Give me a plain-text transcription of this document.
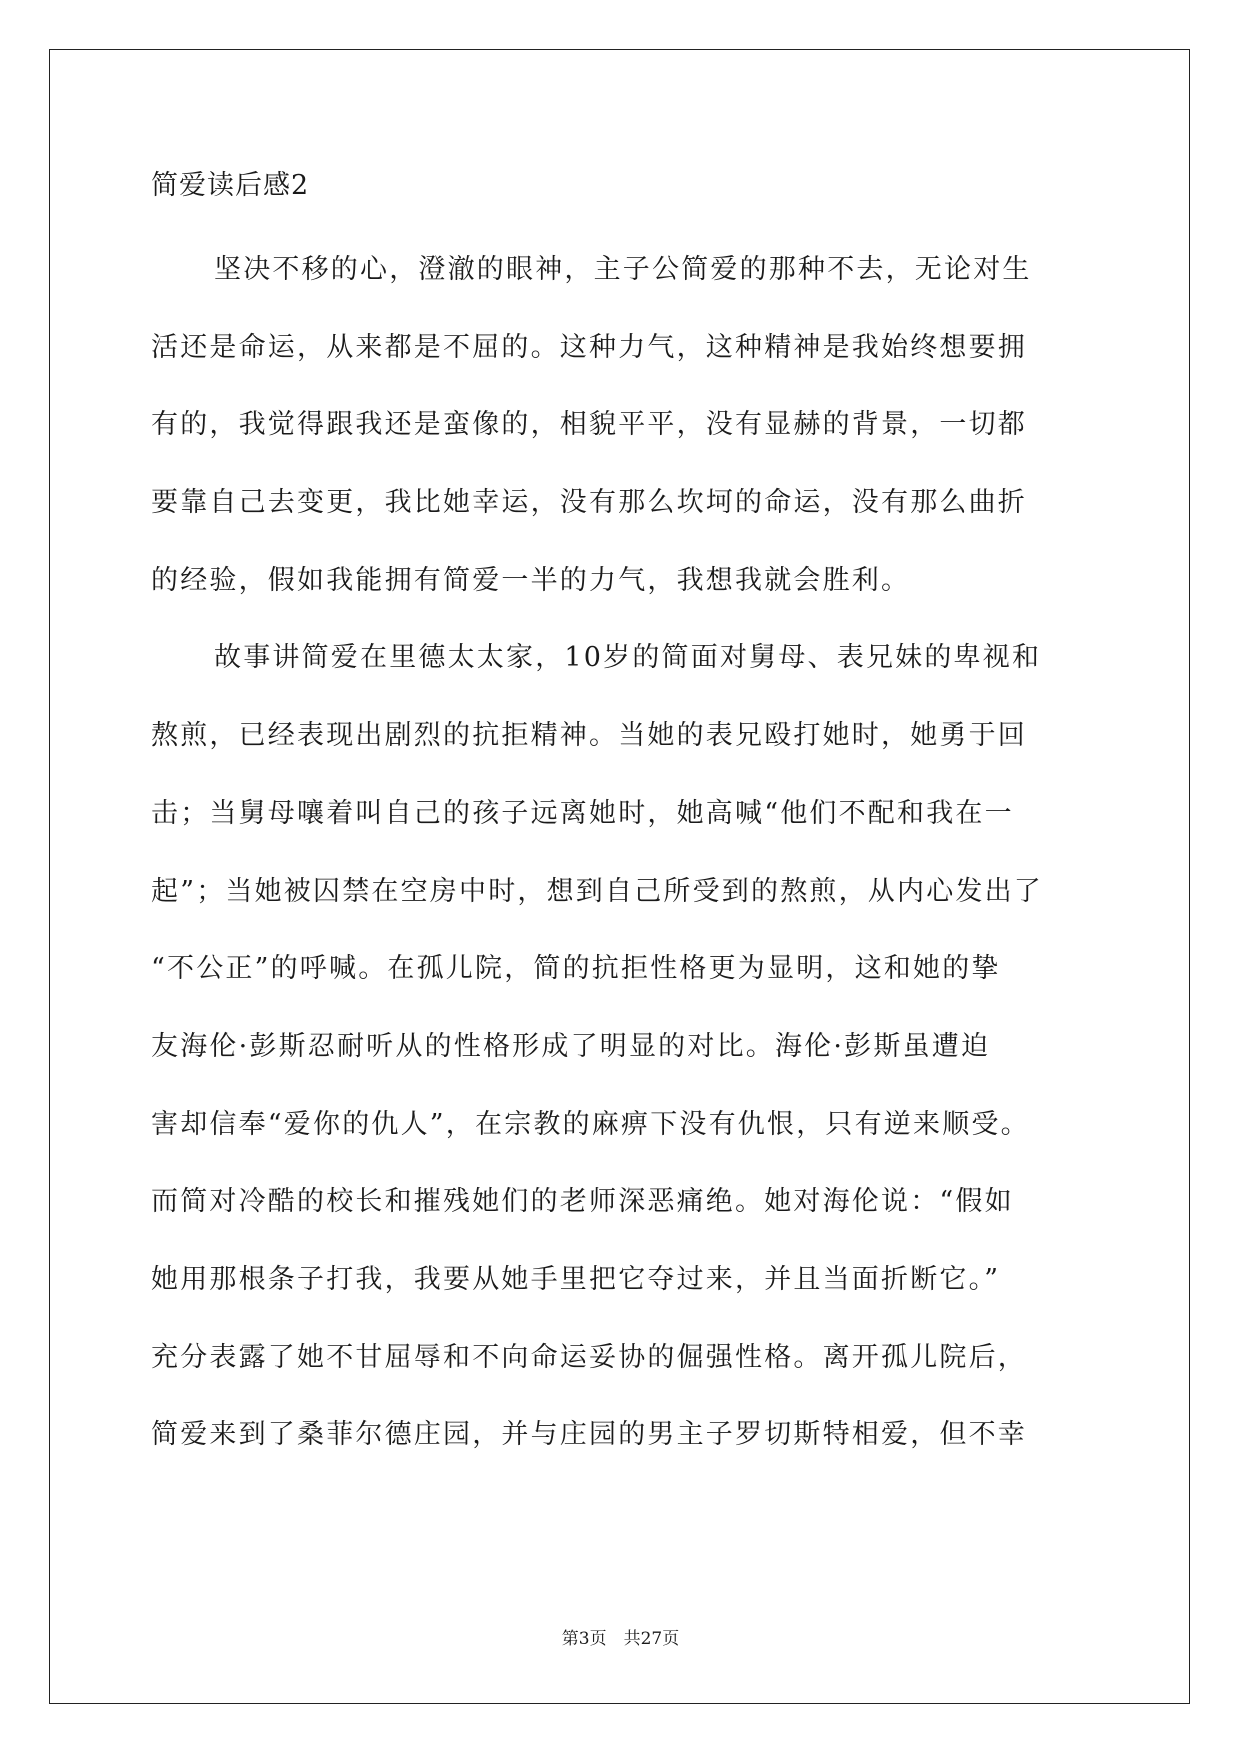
简爱读后感2
坚决不移的心，澄澈的眼神，主子公简爱的那种不去，无论对生
活还是命运，从来都是不屈的。这种力气，这种精神是我始终想要拥
有的，我觉得跟我还是蛮像的，相貌平平，没有显赫的背景，一切都
要靠自己去变更，我比她幸运，没有那么坎坷的命运，没有那么曲折
的经验，假如我能拥有简爱一半的力气，我想我就会胜利。
故事讲简爱在里德太太家，10岁的简面对舅母、表兄妹的卑视和
熬煎，已经表现出剧烈的抗拒精神。当她的表兄殴打她时，她勇于回
击；当舅母嚷着叫自己的孩子远离她时，她高喊“他们不配和我在一
起”；当她被囚禁在空房中时，想到自己所受到的熬煎，从内心发出了
“不公正”的呼喊。在孤儿院，简的抗拒性格更为显明，这和她的挚
友海伦·彭斯忍耐听从的性格形成了明显的对比。海伦·彭斯虽遭迫
害却信奉“爱你的仇人”，在宗教的麻痹下没有仇恨，只有逆来顺受。
而简对冷酷的校长和摧残她们的老师深恶痛绝。她对海伦说：“假如
她用那根条子打我，我要从她手里把它夺过来，并且当面折断它。”
充分表露了她不甘屈辱和不向命运妥协的倔强性格。离开孤儿院后，
简爱来到了桑菲尔德庄园，并与庄园的男主子罗切斯特相爱，但不幸
第3页　共27页
